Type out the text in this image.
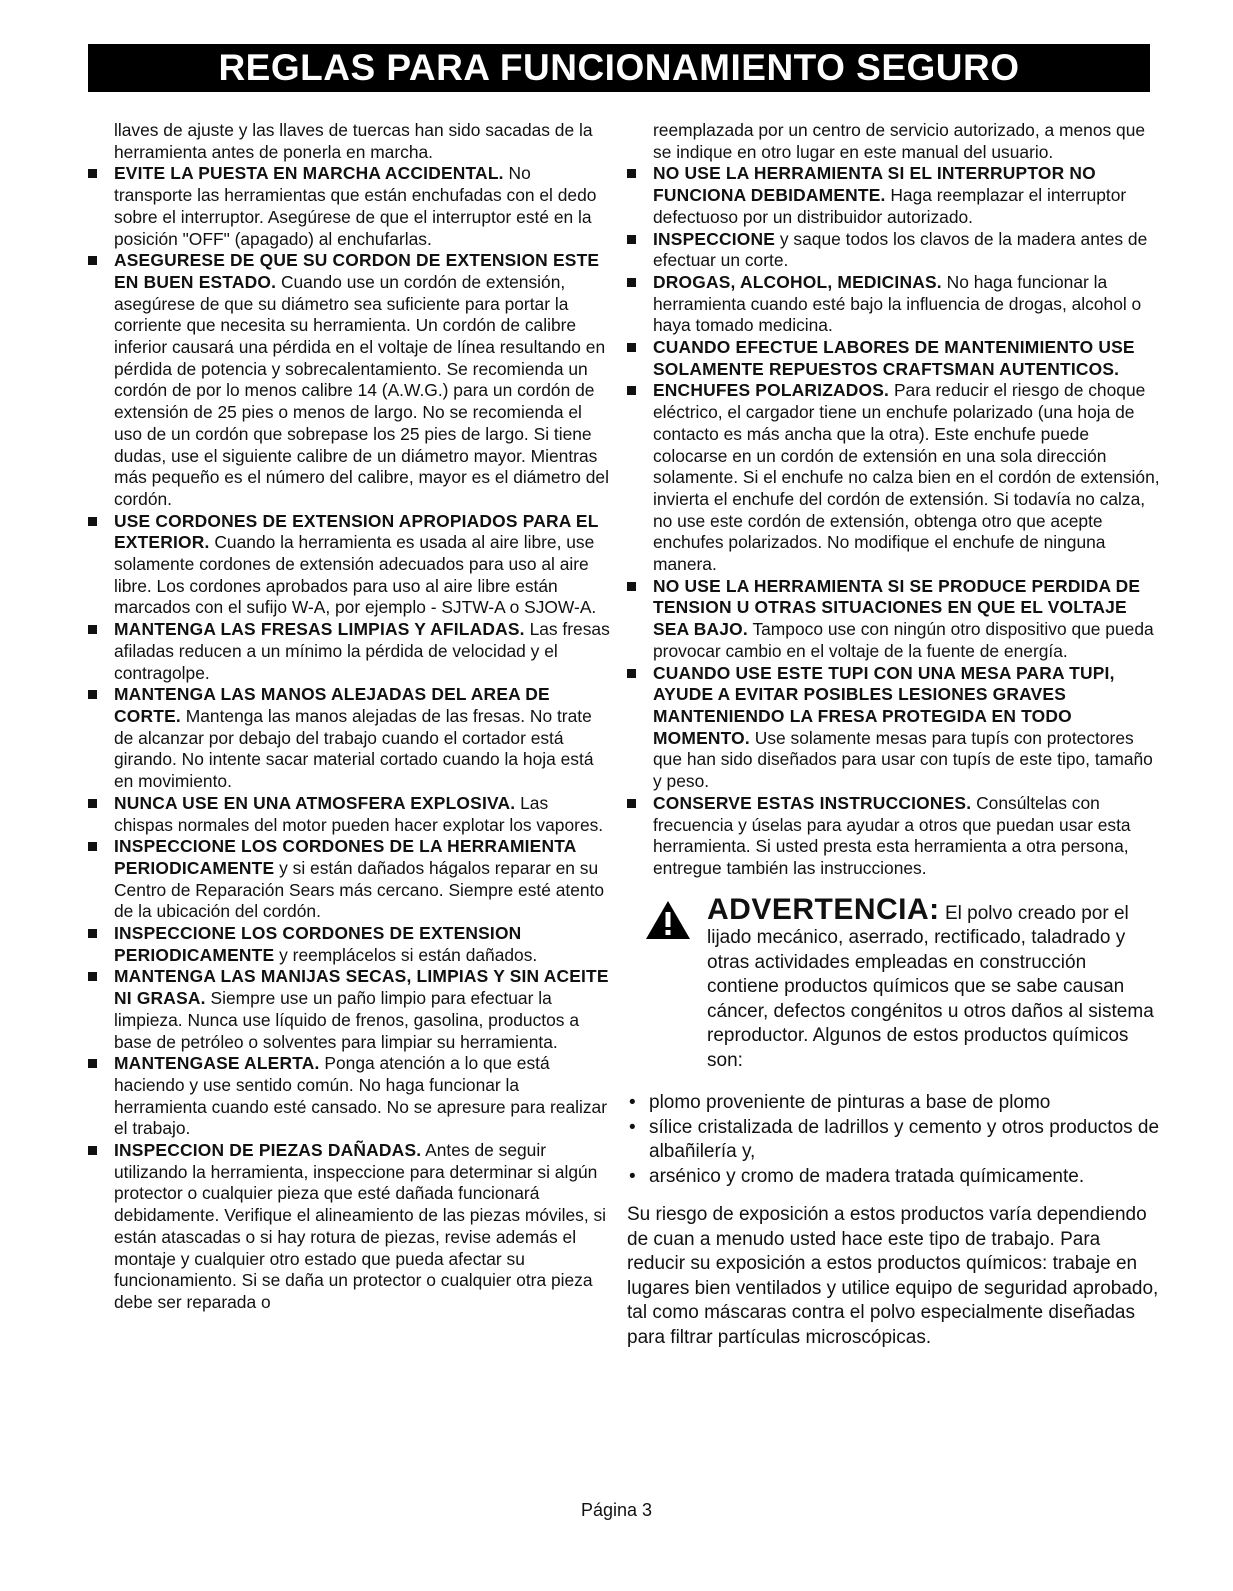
REGLAS PARA FUNCIONAMIENTO SEGURO

llaves de ajuste y las llaves de tuercas han sido sacadas de la herramienta antes de ponerla en marcha.

EVITE LA PUESTA EN MARCHA ACCIDENTAL. No transporte las herramientas que están enchufadas con el dedo sobre el interruptor. Asegúrese de que el interruptor esté en la posición "OFF" (apagado) al enchufarlas.
ASEGURESE DE QUE SU CORDON DE EXTENSION ESTE EN BUEN ESTADO. Cuando use un cordón de extensión, asegúrese de que su diámetro sea suficiente para portar la corriente que necesita su herramienta. Un cordón de calibre inferior causará una pérdida en el voltaje de línea resultando en pérdida de potencia y sobrecalentamiento. Se recomienda un cordón de por lo menos calibre 14 (A.W.G.) para un cordón de extensión de 25 pies o menos de largo. No se recomienda el uso de un cordón que sobrepase los 25 pies de largo. Si tiene dudas, use el siguiente calibre de un diámetro mayor. Mientras más pequeño es el número del calibre, mayor es el diámetro del cordón.
USE CORDONES DE EXTENSION APROPIADOS PARA EL EXTERIOR. Cuando la herramienta es usada al aire libre, use solamente cordones de extensión adecuados para uso al aire libre. Los cordones aprobados para uso al aire libre están marcados con el sufijo W-A, por ejemplo - SJTW-A o SJOW-A.
MANTENGA LAS FRESAS LIMPIAS Y AFILADAS. Las fresas afiladas reducen a un mínimo la pérdida de velocidad y el contragolpe.
MANTENGA LAS MANOS ALEJADAS DEL AREA DE CORTE. Mantenga las manos alejadas de las fresas. No trate de alcanzar por debajo del trabajo cuando el cortador está girando. No intente sacar material cortado cuando la hoja está en movimiento.
NUNCA USE EN UNA ATMOSFERA EXPLOSIVA. Las chispas normales del motor pueden hacer explotar los vapores.
INSPECCIONE LOS CORDONES DE LA HERRAMIENTA PERIODICAMENTE y si están dañados hágalos reparar en su Centro de Reparación Sears más cercano. Siempre esté atento de la ubicación del cordón.
INSPECCIONE LOS CORDONES DE EXTENSION PERIODICAMENTE y reemplácelos si están dañados.
MANTENGA LAS MANIJAS SECAS, LIMPIAS Y SIN ACEITE NI GRASA. Siempre use un paño limpio para efectuar la limpieza. Nunca use líquido de frenos, gasolina, productos a base de petróleo o solventes para limpiar su herramienta.
MANTENGASE ALERTA. Ponga atención a lo que está haciendo y use sentido común. No haga funcionar la herramienta cuando esté cansado. No se apresure para realizar el trabajo.
INSPECCION DE PIEZAS DAÑADAS. Antes de seguir utilizando la herramienta, inspeccione para determinar si algún protector o cualquier pieza que esté dañada funcionará debidamente. Verifique el alineamiento de las piezas móviles, si están atascadas o si hay rotura de piezas, revise además el montaje y cualquier otro estado que pueda afectar su funcionamiento. Si se daña un protector o cualquier otra pieza debe ser reparada o

reemplazada por un centro de servicio autorizado, a menos que se indique en otro lugar en este manual del usuario.

NO USE LA HERRAMIENTA SI EL INTERRUPTOR NO FUNCIONA DEBIDAMENTE. Haga reemplazar el interruptor defectuoso por un distribuidor autorizado.
INSPECCIONE y saque todos los clavos de la madera antes de efectuar un corte.
DROGAS, ALCOHOL, MEDICINAS. No haga funcionar la herramienta cuando esté bajo la influencia de drogas, alcohol o haya tomado medicina.
CUANDO EFECTUE LABORES DE MANTENIMIENTO USE SOLAMENTE REPUESTOS CRAFTSMAN AUTENTICOS.
ENCHUFES POLARIZADOS. Para reducir el riesgo de choque eléctrico, el cargador tiene un enchufe polarizado (una hoja de contacto es más ancha que la otra). Este enchufe puede colocarse en un cordón de extensión en una sola dirección solamente. Si el enchufe no calza bien en el cordón de extensión, invierta el enchufe del cordón de extensión. Si todavía no calza, no use este cordón de extensión, obtenga otro que acepte enchufes polarizados. No modifique el enchufe de ninguna manera.
NO USE LA HERRAMIENTA SI SE PRODUCE PERDIDA DE TENSION U OTRAS SITUACIONES EN QUE EL VOLTAJE SEA BAJO. Tampoco use con ningún otro dispositivo que pueda provocar cambio en el voltaje de la fuente de energía.
CUANDO USE ESTE TUPI CON UNA MESA PARA TUPI, AYUDE A EVITAR POSIBLES LESIONES GRAVES MANTENIENDO LA FRESA PROTEGIDA EN TODO MOMENTO. Use solamente mesas para tupís con protectores que han sido diseñados para usar con tupís de este tipo, tamaño y peso.
CONSERVE ESTAS INSTRUCCIONES. Consúltelas con frecuencia y úselas para ayudar a otros que puedan usar esta herramienta. Si usted presta esta herramienta a otra persona, entregue también las instrucciones.
ADVERTENCIA: El polvo creado por el lijado mecánico, aserrado, rectificado, taladrado y otras actividades empleadas en construcción contiene productos químicos que se sabe causan cáncer, defectos congénitos u otros daños al sistema reproductor. Algunos de estos productos químicos son:
• plomo proveniente de pinturas a base de plomo
• sílice cristalizada de ladrillos y cemento y otros productos de albañilería y,
• arsénico y cromo de madera tratada químicamente.

Su riesgo de exposición a estos productos varía dependiendo de cuan a menudo usted hace este tipo de trabajo. Para reducir su exposición a estos productos químicos: trabaje en lugares bien ventilados y utilice equipo de seguridad aprobado, tal como máscaras contra el polvo especialmente diseñadas para filtrar partículas microscópicas.

Página 3
